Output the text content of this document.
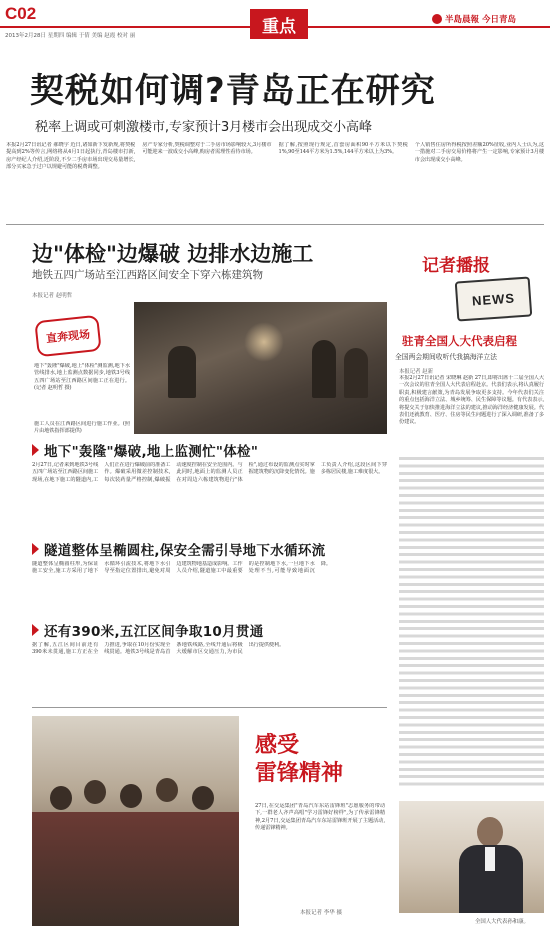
C02
2013年2月28日 星期四 编辑 于倩 美编 赵霞 校对 丽	重点	半島晨報 今日青岛
契税如何调?青岛正在研究
税率上调或可刺激楼市,专家预计3月楼市会出现成交小高峰
本报2月27日讯记者 郝晓宇 近日,诸如新下发新规,将契税提高到2%等传言,网络将从4月1日起执行,青岛楼市打新,房产经纪人介绍,近阶段,不少二手房市场出现交易量增长,部分买家急于过户以规避可能的税费调整。
房产专家分析,契税调整对于二手房市场影响较大,3月楼市可能迎来一波成交小高峰,购房者需理性看待市场。
据了解,按照现行规定,首套房面积90平方米以下契税1%,90至144平方米为1.5%,144平方米以上为3%。
个人销售住房所得税按照差额20%征收,业内人士认为,这一措施对二手房交易价格将产生一定影响,专家预计3月楼市会出现成交小高峰。
边"体检"边爆破 边排水边施工
地铁五四广场站至江西路区间安全下穿六栋建筑物
本报记者 赵明哲
记者播报
NEWS
驻青全国人大代表启程
全国两会期间收听代我搞海洋立法
本报记者 赵新
本报2月27日讯记者 宋晓琳 赵新 27日,即将出席十二届全国人大一次会议的驻青全国人大代表启程赴京。代表们表示,将认真履行职责,积极建言献策,为青岛发展争取更多支持。今年代表们关注的重点包括海洋立法、城乡统筹、民生保障等议题。有代表表示,将提交关于加快推进海洋立法的建议,推动海洋经济健康发展。代表们还就教育、医疗、住房等民生问题进行了深入调研,准备了多份建议。
直奔现场
地下"轰隆"爆破,地上"体检"测监测,地下水管线排水,地上监测点数据同步,地铁3号线五四广场站至江西路区间施工正在进行。(记者 赵明哲 摄)
施工人员在江西路区间进行施工作业。(照片由地铁指挥部提供)
地下"轰隆"爆破,地上监测忙"体检"
2月27日,记者来到地铁3号线五四广场站至江西路区间施工现场,在地下施工的隧道内,工人们正在进行爆破前的准备工作。爆破采用微差控制技术,每次装药量严格控制,爆破振动速度控制在安全范围内。与此同时,地面上的监测人员正在对周边六栋建筑物进行"体检",通过布设的监测点实时掌握建筑物的沉降变化情况。施工负责人介绍,这段区间下穿多栋居民楼,施工难度很大。
隧道整体呈椭圆柱,保安全需引导地下水循环流
隧道整体呈椭圆柱形,为保证施工安全,施工方采用了地下水循环引流技术,将地下水引导至指定位置排出,避免对周边建筑物地基造成影响。工作人员介绍,隧道施工中最重要的是控制地下水,一旦地下水处理不当,可能导致地面沉降。
还有390米,五江区间争取10月贯通
据了解,五江区间目前还有390米未贯通,施工方正在全力推进,争取在10月份实现全线贯通。地铁3号线是青岛首条地铁线路,全线开通后将极大缓解市区交通压力,为市民出行提供便利。
感受
雷锋精神
27日,在交运集团"青岛汽车东站雷锋班"志愿服务的带动下,一群老人齐声高唱"学习雷锋好榜样",为了传承雷锋精神,2月7日,交运集团青岛汽车东站雷锋班开展了主题活动,传递雷锋精神。
本报记者 李华 摄
全国人大代表孙和康。
